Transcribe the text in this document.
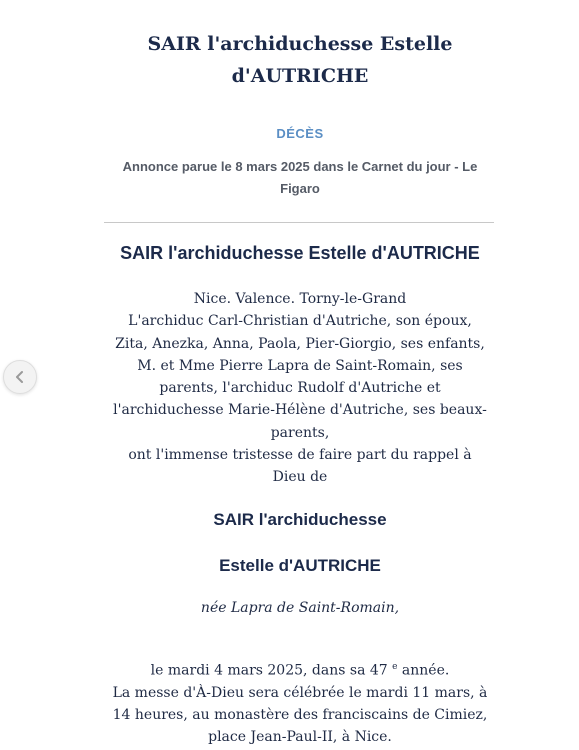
SAIR l'archiduchesse Estelle
d'AUTRICHE
DÉCÈS
Annonce parue le 8 mars 2025 dans le Carnet du jour - Le
Figaro
SAIR l'archiduchesse Estelle d'AUTRICHE
Nice. Valence. Torny-le-Grand
L'archiduc Carl-Christian d'Autriche, son époux,
Zita, Anezka, Anna, Paola, Pier-Giorgio, ses enfants,
M. et Mme Pierre Lapra de Saint-Romain, ses
parents, l'archiduc Rudolf d'Autriche et
l'archiduchesse Marie-Hélène d'Autriche, ses beaux-
parents,
ont l'immense tristesse de faire part du rappel à
Dieu de
SAIR l'archiduchesse
Estelle d'AUTRICHE
née Lapra de Saint-Romain,
le mardi 4 mars 2025, dans sa 47 $^e$ année.
La messe d'À-Dieu sera célébrée le mardi 11 mars, à
14 heures, au monastère des franciscains de Cimiez,
place Jean-Paul-II, à Nice.
